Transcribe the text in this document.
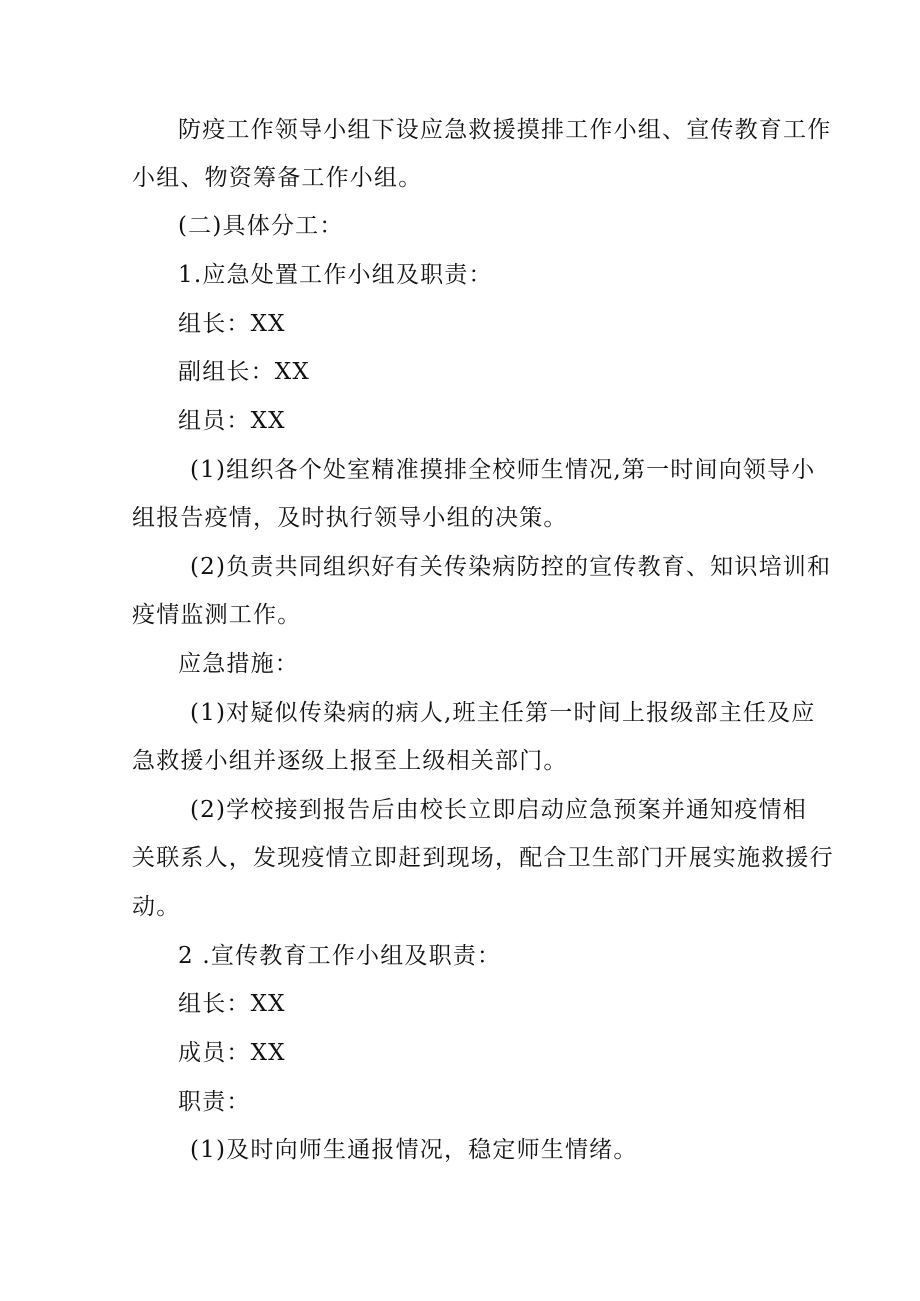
防疫工作领导小组下设应急救援摸排工作小组、宣传教育工作
小组、物资筹备工作小组。
(二)具体分工：
1.应急处置工作小组及职责：
组长：XX
副组长：XX
组员：XX
(1)组织各个处室精准摸排全校师生情况,第一时间向领导小
组报告疫情，及时执行领导小组的决策。
(2)负责共同组织好有关传染病防控的宣传教育、知识培训和
疫情监测工作。
应急措施：
(1)对疑似传染病的病人,班主任第一时间上报级部主任及应
急救援小组并逐级上报至上级相关部门。
(2)学校接到报告后由校长立即启动应急预案并通知疫情相
关联系人，发现疫情立即赶到现场，配合卫生部门开展实施救援行
动。
2 .宣传教育工作小组及职责：
组长：XX
成员：XX
职责：
(1)及时向师生通报情况，稳定师生情绪。
